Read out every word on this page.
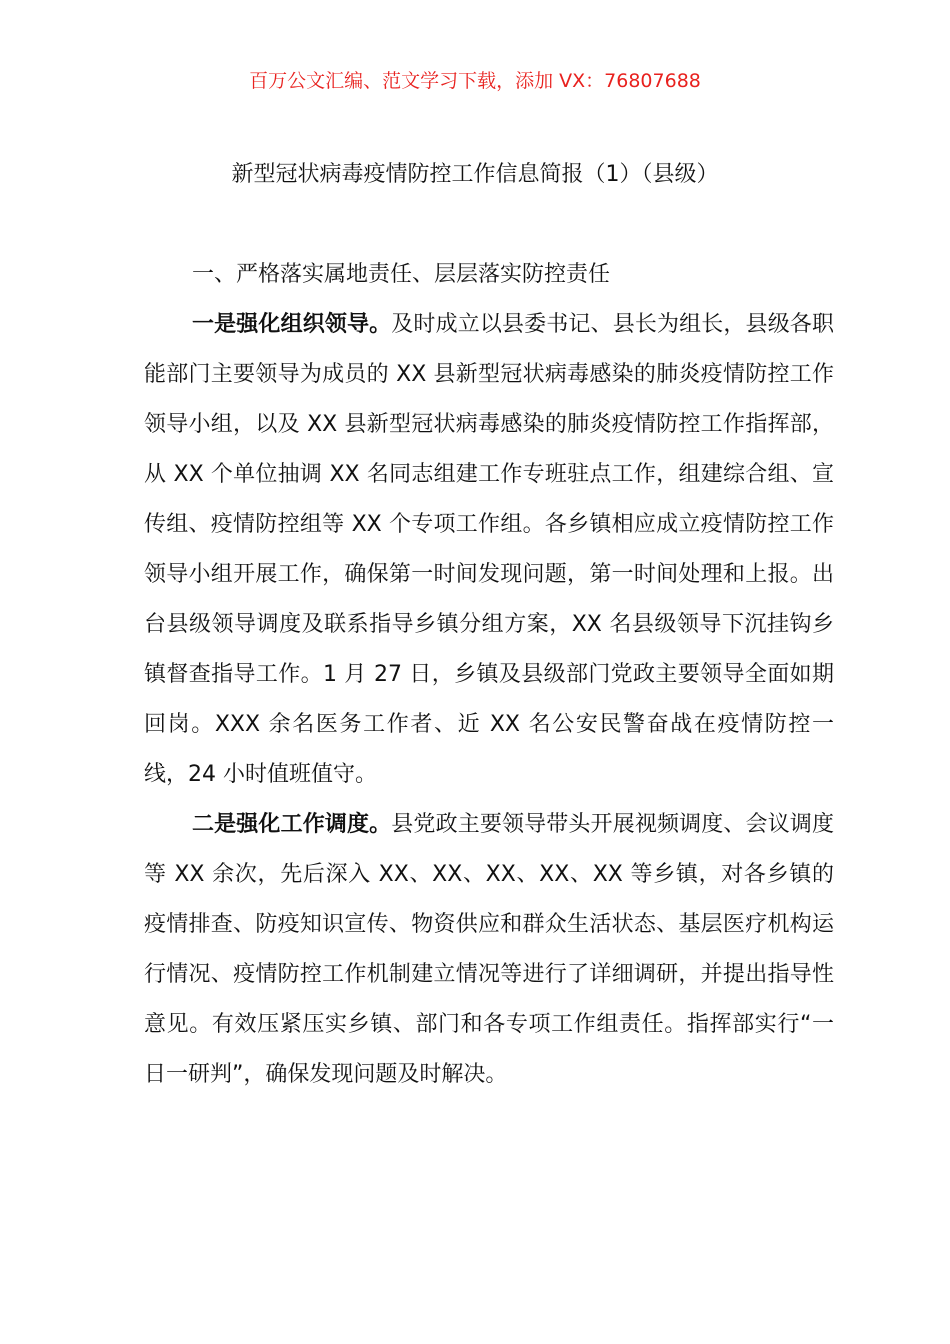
百万公文汇编、范文学习下载，添加 VX：76807688
新型冠状病毒疫情防控工作信息简报（1）（县级）

一、严格落实属地责任、层层落实防控责任

一是强化组织领导。及时成立以县委书记、县长为组长，县级各职能部门主要领导为成员的 XX 县新型冠状病毒感染的肺炎疫情防控工作领导小组，以及 XX 县新型冠状病毒感染的肺炎疫情防控工作指挥部，从 XX 个单位抽调 XX 名同志组建工作专班驻点工作，组建综合组、宣传组、疫情防控组等 XX 个专项工作组。各乡镇相应成立疫情防控工作领导小组开展工作，确保第一时间发现问题，第一时间处理和上报。出台县级领导调度及联系指导乡镇分组方案，XX 名县级领导下沉挂钩乡镇督查指导工作。1 月 27 日，乡镇及县级部门党政主要领导全面如期回岗。XXX 余名医务工作者、近 XX 名公安民警奋战在疫情防控一线，24 小时值班值守。

二是强化工作调度。县党政主要领导带头开展视频调度、会议调度等 XX 余次，先后深入 XX、XX、XX、XX、XX 等乡镇，对各乡镇的疫情排查、防疫知识宣传、物资供应和群众生活状态、基层医疗机构运行情况、疫情防控工作机制建立情况等进行了详细调研，并提出指导性意见。有效压紧压实乡镇、部门和各专项工作组责任。指挥部实行“一日一研判”，确保发现问题及时解决。
